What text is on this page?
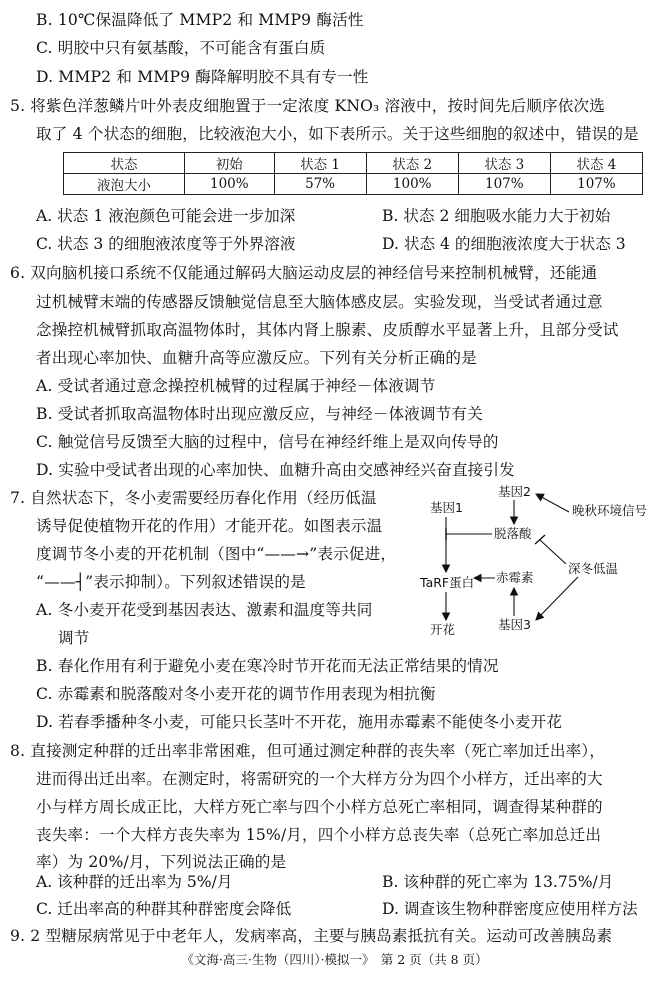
B. 10℃保温降低了 MMP2 和 MMP9 酶活性
C. 明胶中只有氨基酸，不可能含有蛋白质
D. MMP2 和 MMP9 酶降解明胶不具有专一性
5. 将紫色洋葱鳞片叶外表皮细胞置于一定浓度 KNO₃ 溶液中，按时间先后顺序依次选
取了 4 个状态的细胞，比较液泡大小，如下表所示。关于这些细胞的叙述中，错误的是
状态	初始	状态 1	状态 2	状态 3	状态 4
液泡大小	100%	57%	100%	107%	107%
A. 状态 1 液泡颜色可能会进一步加深	B. 状态 2 细胞吸水能力大于初始
C. 状态 3 的细胞液浓度等于外界溶液	D. 状态 4 的细胞液浓度大于状态 3
6. 双向脑机接口系统不仅能通过解码大脑运动皮层的神经信号来控制机械臂，还能通
过机械臂末端的传感器反馈触觉信息至大脑体感皮层。实验发现，当受试者通过意
念操控机械臂抓取高温物体时，其体内肾上腺素、皮质醇水平显著上升，且部分受试
者出现心率加快、血糖升高等应激反应。下列有关分析正确的是
A. 受试者通过意念操控机械臂的过程属于神经－体液调节
B. 受试者抓取高温物体时出现应激反应，与神经－体液调节有关
C. 触觉信号反馈至大脑的过程中，信号在神经纤维上是双向传导的
D. 实验中受试者出现的心率加快、血糖升高由交感神经兴奋直接引发
7. 自然状态下，冬小麦需要经历春化作用（经历低温
诱导促使植物开花的作用）才能开花。如图表示温
度调节冬小麦的开花机制（图中“——→”表示促进，
“——┤”表示抑制）。下列叙述错误的是
A. 冬小麦开花受到基因表达、激素和温度等共同
调节
B. 春化作用有利于避免小麦在寒冷时节开花而无法正常结果的情况
C. 赤霉素和脱落酸对冬小麦开花的调节作用表现为相抗衡
D. 若春季播种冬小麦，可能只长茎叶不开花，施用赤霉素不能使冬小麦开花
基因2
基因1	晚秋环境信号
脱落酸
深冬低温
赤霉素
TaRF蛋白
基因3
开花
8. 直接测定种群的迁出率非常困难，但可通过测定种群的丧失率（死亡率加迁出率），
进而得出迁出率。在测定时，将需研究的一个大样方分为四个小样方，迁出率的大
小与样方周长成正比，大样方死亡率与四个小样方总死亡率相同，调查得某种群的
丧失率：一个大样方丧失率为 15%/月，四个小样方总丧失率（总死亡率加总迁出
率）为 20%/月，下列说法正确的是
A. 该种群的迁出率为 5%/月	B. 该种群的死亡率为 13.75%/月
C. 迁出率高的种群其种群密度会降低	D. 调查该生物种群密度应使用样方法
9. 2 型糖尿病常见于中老年人，发病率高，主要与胰岛素抵抗有关。运动可改善胰岛素
《文海·高三·生物（四川）·模拟一》　第 2 页（共 8 页）
